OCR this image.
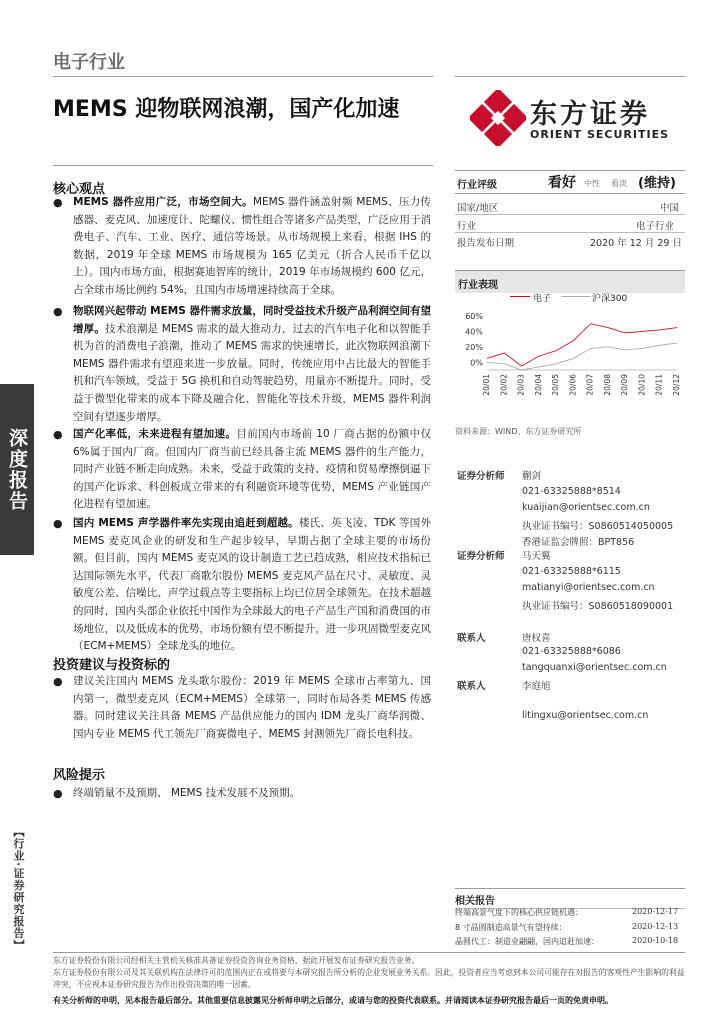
深度报告
【行业·证券研究报告】
电子行业
MEMS 迎物联网浪潮，国产化加速	东方证券
ORIENT SECURITIES
核心观点
● MEMS 器件应用广泛，市场空间大。MEMS 器件涵盖射频 MEMS、压力传感器、麦克风、加速度计、陀螺仪、惯性组合等诸多产品类型，广泛应用于消费电子、汽车、工业、医疗、通信等场景。从市场规模上来看，根据 IHS 的数据，2019 年全球 MEMS 市场规模为 165 亿美元（折合人民币千亿以上）。国内市场方面，根据赛迪智库的统计，2019 年市场规模约 600 亿元，占全球市场比例约 54%，且国内市场增速持续高于全球。
● 物联网兴起带动 MEMS 器件需求放量，同时受益技术升级产品利润空间有望增厚。技术浪潮是 MEMS 需求的最大推动力，过去的汽车电子化和以智能手机为首的消费电子浪潮，推动了 MEMS 需求的快速增长，此次物联网浪潮下 MEMS 器件需求有望迎来进一步放量。同时，传统应用中占比最大的智能手机和汽车领域，受益于 5G 换机和自动驾驶趋势，用量亦不断提升。同时，受益于微型化带来的成本下降及融合化、智能化等技术升级，MEMS 器件利润空间有望逐步增厚。
● 国产化率低，未来进程有望加速。目前国内市场前 10 厂商占据的份额中仅 6%属于国内厂商。但国内厂商当前已经具备主流 MEMS 器件的生产能力，同时产业链不断走向成熟。未来，受益于政策的支持、疫情和贸易摩擦倒逼下的国产化诉求、科创板成立带来的有利融资环境等优势，MEMS 产业链国产化进程有望加速。
● 国内 MEMS 声学器件率先实现由追赶到超越。楼氏、英飞凌、TDK 等国外 MEMS 麦克风企业的研发和生产起步较早，早期占据了全球主要的市场份额。但目前，国内 MEMS 麦克风的设计制造工艺已趋成熟，相应技术指标已达国际领先水平，代表厂商歌尔股份 MEMS 麦克风产品在尺寸、灵敏度、灵敏度公差、信噪比、声学过载点等主要指标上均已位居全球领先。在技术超越的同时，国内头部企业依托中国作为全球最大的电子产品生产国和消费国的市场地位，以及低成本的优势，市场份额有望不断提升，进一步巩固微型麦克风（ECM+MEMS）全球龙头的地位。
投资建议与投资标的
● 建议关注国内 MEMS 龙头歌尔股份：2019 年 MEMS 全球市占率第九、国内第一，微型麦克风（ECM+MEMS）全球第一，同时布局各类 MEMS 传感器。同时建议关注具备 MEMS 产品供应能力的国内 IDM 龙头厂商华润微、国内专业 MEMS 代工领先厂商赛微电子、MEMS 封测领先厂商长电科技。
风险提示
● 终端销量不及预期、 MEMS 技术发展不及预期。
行业评级	看好 中性 看淡 (维持)
国家/地区	中国
行业	电子行业
报告发布日期	2020 年 12 月 29 日
行业表现
电子	沪深300
60%
40%
20%
0%
20/01 20/02 20/03 20/04 20/05 20/06 20/07 20/08 20/09 20/10 20/11 20/12
资料来源：WIND、东方证券研究所
证券分析师 蒯剑
021-63325888*8514
kuaijian@orientsec.com.cn
执业证书编号：S0860514050005
香港证监会牌照：BPT856
证券分析师 马天翼
021-63325888*6115
matianyi@orientsec.com.cn
执业证书编号：S0860518090001
联系人	唐权喜
021-63325888*6086
tangquanxi@orientsec.com.cn
联系人	李庭旭
litingxu@orientsec.com.cn
相关报告
终端高景气度下的核心供应链机遇：	2020-12-17
8 寸晶圆制造高景气有望持续：	2020-12-13
晶圆代工：制造业翩翩，国内追赶加速：	2020-10-18
东方证券股份有限公司经相关主管机关核准具备证券投资咨询业务资格，据此开展发布证券研究报告业务。
东方证券股份有限公司及其关联机构在法律许可的范围内正在或将要与本研究报告所分析的企业发展业务关系。因此，投资者应当考虑到本公司可能存在对报告的客观性产生影响的利益冲突，不应视本证券研究报告为作出投资决策的唯一因素。
有关分析师的申明，见本报告最后部分。其他重要信息披露见分析师申明之后部分，或请与您的投资代表联系。并请阅读本证券研究报告最后一页的免责申明。
